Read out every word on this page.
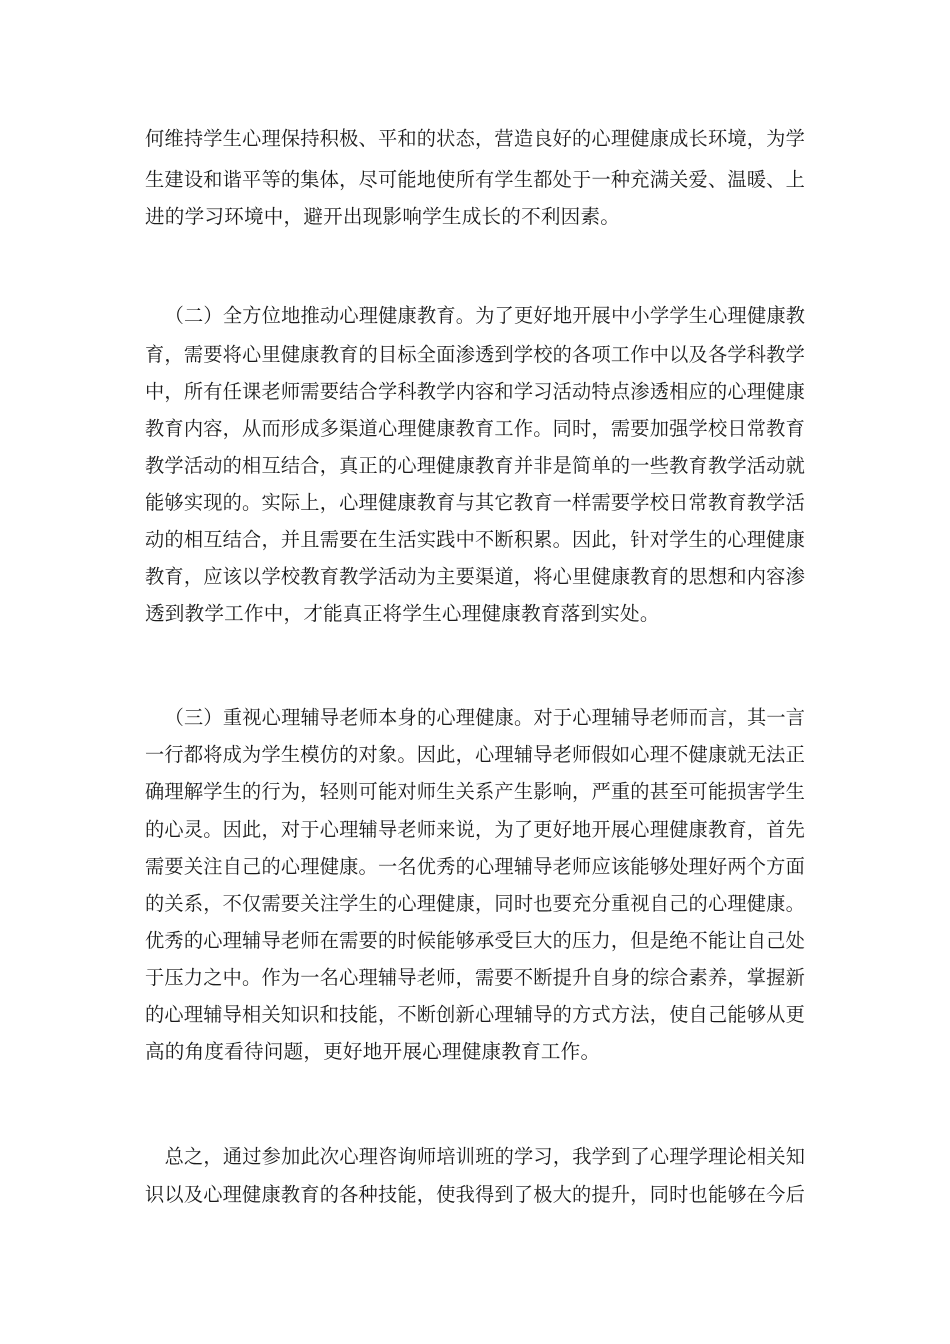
何维持学生心理保持积极、平和的状态，营造良好的心理健康成长环境，为学
生建设和谐平等的集体，尽可能地使所有学生都处于一种充满关爱、温暖、上
进的学习环境中，避开出现影响学生成长的不利因素。
（二）全方位地推动心理健康教育。为了更好地开展中小学学生心理健康教
育，需要将心里健康教育的目标全面渗透到学校的各项工作中以及各学科教学
中，所有任课老师需要结合学科教学内容和学习活动特点渗透相应的心理健康
教育内容，从而形成多渠道心理健康教育工作。同时，需要加强学校日常教育
教学活动的相互结合，真正的心理健康教育并非是简单的一些教育教学活动就
能够实现的。实际上，心理健康教育与其它教育一样需要学校日常教育教学活
动的相互结合，并且需要在生活实践中不断积累。因此，针对学生的心理健康
教育，应该以学校教育教学活动为主要渠道，将心里健康教育的思想和内容渗
透到教学工作中，才能真正将学生心理健康教育落到实处。
（三）重视心理辅导老师本身的心理健康。对于心理辅导老师而言，其一言
一行都将成为学生模仿的对象。因此，心理辅导老师假如心理不健康就无法正
确理解学生的行为，轻则可能对师生关系产生影响，严重的甚至可能损害学生
的心灵。因此，对于心理辅导老师来说，为了更好地开展心理健康教育，首先
需要关注自己的心理健康。一名优秀的心理辅导老师应该能够处理好两个方面
的关系，不仅需要关注学生的心理健康，同时也要充分重视自己的心理健康。
优秀的心理辅导老师在需要的时候能够承受巨大的压力，但是绝不能让自己处
于压力之中。作为一名心理辅导老师，需要不断提升自身的综合素养，掌握新
的心理辅导相关知识和技能，不断创新心理辅导的方式方法，使自己能够从更
高的角度看待问题，更好地开展心理健康教育工作。
总之，通过参加此次心理咨询师培训班的学习，我学到了心理学理论相关知
识以及心理健康教育的各种技能，使我得到了极大的提升，同时也能够在今后
